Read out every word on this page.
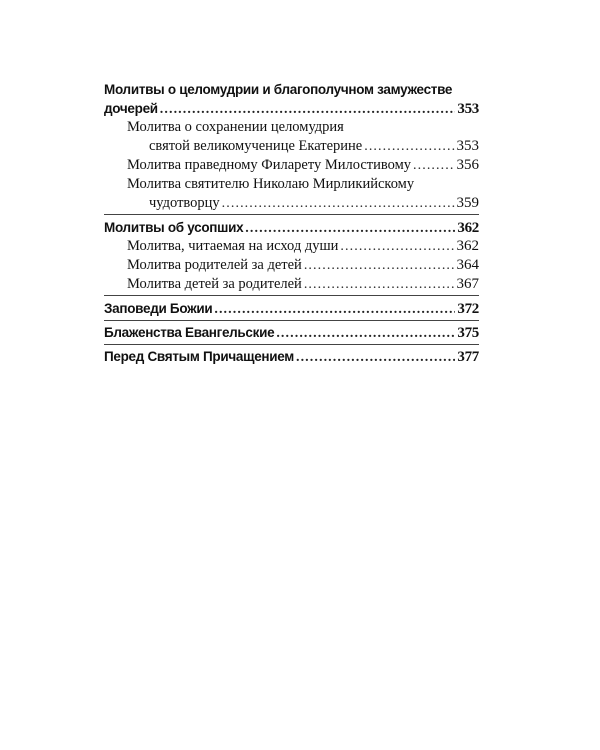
Молитвы о целомудрии и благополучном замужестве
дочерей . . .	353
Молитва о сохранении целомудрия
святой великомученице Екатерине . . .	353
Молитва праведному Филарету Милостивому . . .	356
Молитва святителю Николаю Мирликийскому
чудотворцу . . .	359
Молитвы об усопших . . .	362
Молитва, читаемая на исход души . . .	362
Молитва родителей за детей . . .	364
Молитва детей за родителей . . .	367
Заповеди Божии . . .	372
Блаженства Евангельские . . .	375
Перед Святым Причащением . . .	377
